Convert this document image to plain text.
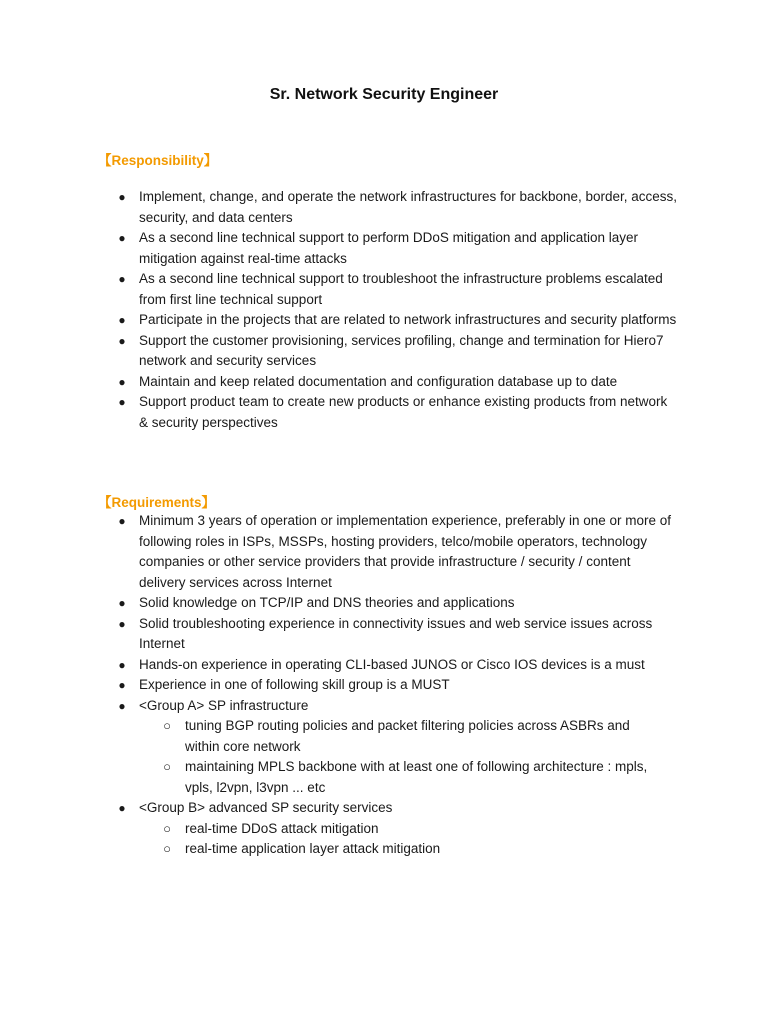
Sr. Network Security Engineer
【Responsibility】
● Implement, change, and operate the network infrastructures for backbone, border, access, security, and data centers
● As a second line technical support to perform DDoS mitigation and application layer mitigation against real-time attacks
● As a second line technical support to troubleshoot the infrastructure problems escalated from first line technical support
● Participate in the projects that are related to network infrastructures and security platforms
● Support the customer provisioning, services profiling, change and termination for Hiero7 network and security services
● Maintain and keep related documentation and configuration database up to date
● Support product team to create new products or enhance existing products from network & security perspectives
【Requirements】
● Minimum 3 years of operation or implementation experience, preferably in one or more of following roles in ISPs, MSSPs, hosting providers, telco/mobile operators, technology companies or other service providers that provide infrastructure / security / content delivery services across Internet
● Solid knowledge on TCP/IP and DNS theories and applications
● Solid troubleshooting experience in connectivity issues and web service issues across Internet
● Hands-on experience in operating CLI-based JUNOS or Cisco IOS devices is a must
● Experience in one of following skill group is a MUST
● <Group A> SP infrastructure
○ tuning BGP routing policies and packet filtering policies across ASBRs and within core network
○ maintaining MPLS backbone with at least one of following architecture : mpls, vpls, l2vpn, l3vpn ... etc
● <Group B> advanced SP security services
○ real-time DDoS attack mitigation
○ real-time application layer attack mitigation
